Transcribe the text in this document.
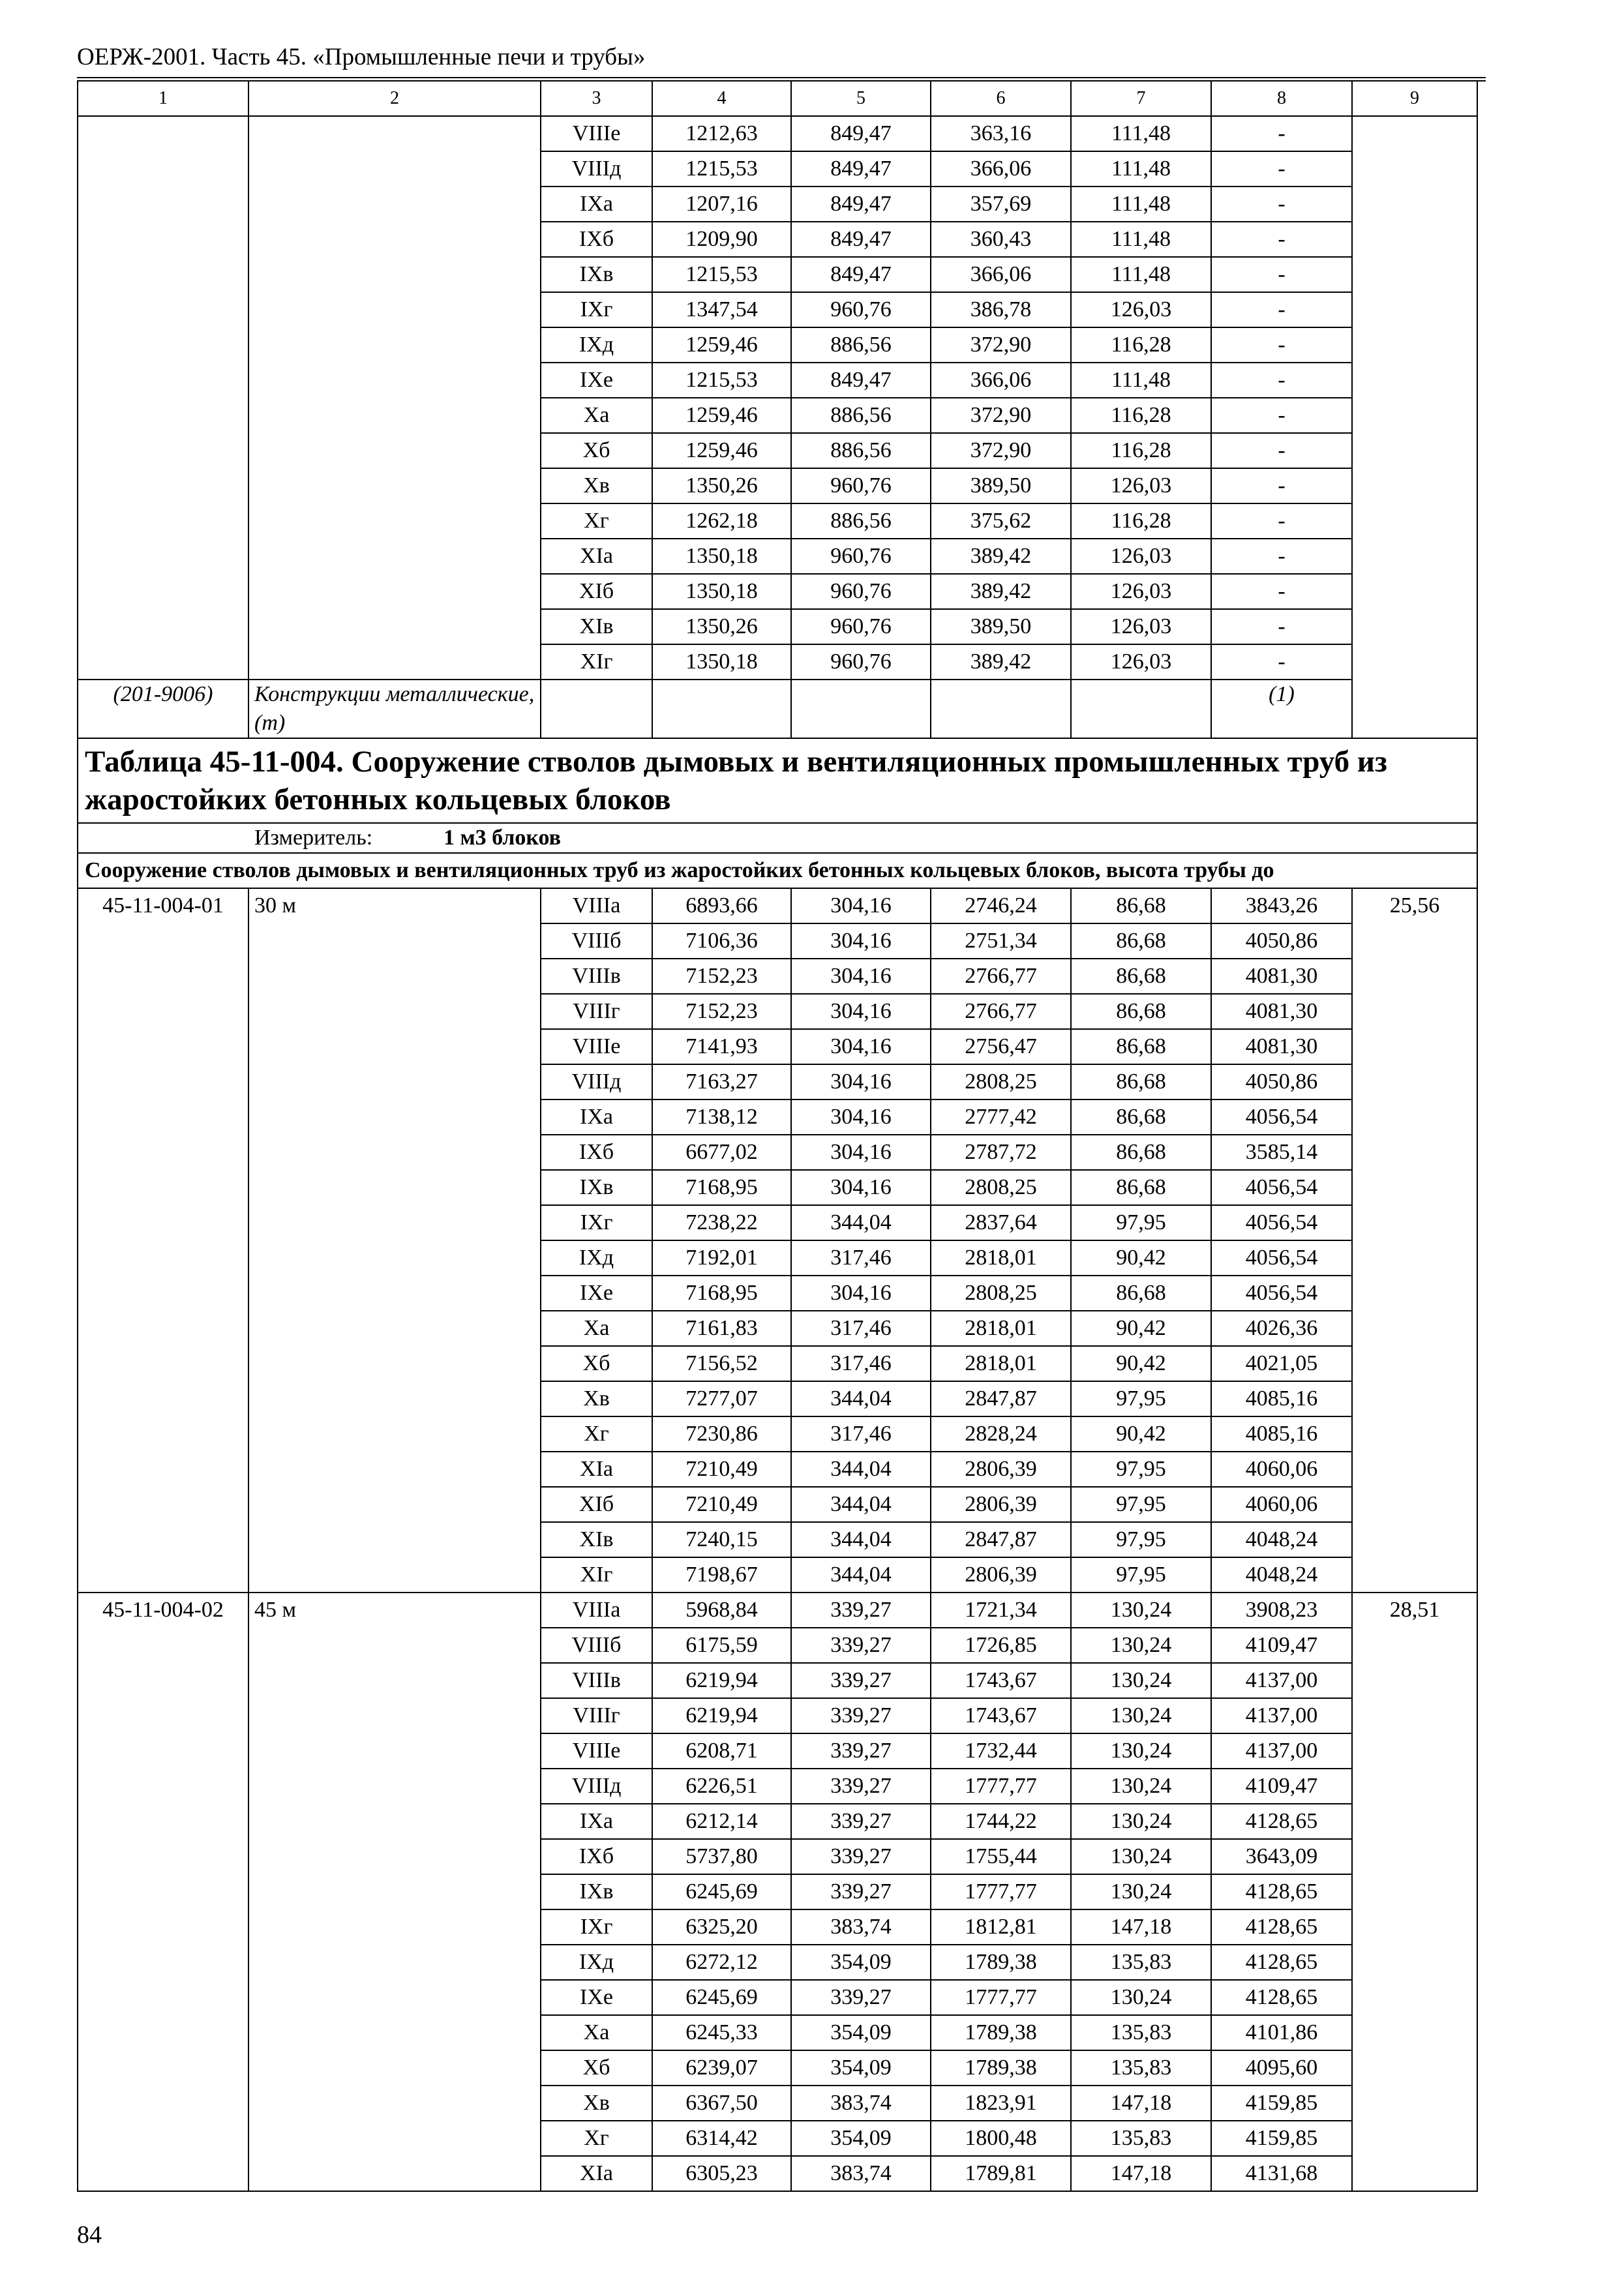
ОЕРЖ-2001. Часть 45. «Промышленные печи и трубы»
1	2	3	4	5	6	7	8	9
		VIIIe	1212,63	849,47	363,16	111,48	-	
		VIIIд	1215,53	849,47	366,06	111,48	-	
		IXa	1207,16	849,47	357,69	111,48	-	
		IXб	1209,90	849,47	360,43	111,48	-	
		IXв	1215,53	849,47	366,06	111,48	-	
		IXг	1347,54	960,76	386,78	126,03	-	
		IXд	1259,46	886,56	372,90	116,28	-	
		IXe	1215,53	849,47	366,06	111,48	-	
		Xa	1259,46	886,56	372,90	116,28	-	
		Xб	1259,46	886,56	372,90	116,28	-	
		Xв	1350,26	960,76	389,50	126,03	-	
		Xг	1262,18	886,56	375,62	116,28	-	
		XIa	1350,18	960,76	389,42	126,03	-	
		XIб	1350,18	960,76	389,42	126,03	-	
		XIв	1350,26	960,76	389,50	126,03	-	
		XIг	1350,18	960,76	389,42	126,03	-	
(201-9006)	Конструкции металлические, (т)						(1)	
Таблица 45-11-004. Сооружение стволов дымовых и вентиляционных промышленных труб из жаростойких бетонных кольцевых блоков								
Измеритель: 1 м3 блоков								
Сооружение стволов дымовых и вентиляционных труб из жаростойких бетонных кольцевых блоков, высота трубы до								
45-11-004-01	30 м	VIIIa	6893,66	304,16	2746,24	86,68	3843,26	25,56
		VIIIб	7106,36	304,16	2751,34	86,68	4050,86	
		VIIIв	7152,23	304,16	2766,77	86,68	4081,30	
		VIIIг	7152,23	304,16	2766,77	86,68	4081,30	
		VIIIe	7141,93	304,16	2756,47	86,68	4081,30	
		VIIIд	7163,27	304,16	2808,25	86,68	4050,86	
		IXa	7138,12	304,16	2777,42	86,68	4056,54	
		IXб	6677,02	304,16	2787,72	86,68	3585,14	
		IXв	7168,95	304,16	2808,25	86,68	4056,54	
		IXг	7238,22	344,04	2837,64	97,95	4056,54	
		IXд	7192,01	317,46	2818,01	90,42	4056,54	
		IXe	7168,95	304,16	2808,25	86,68	4056,54	
		Xa	7161,83	317,46	2818,01	90,42	4026,36	
		Xб	7156,52	317,46	2818,01	90,42	4021,05	
		Xв	7277,07	344,04	2847,87	97,95	4085,16	
		Xг	7230,86	317,46	2828,24	90,42	4085,16	
		XIa	7210,49	344,04	2806,39	97,95	4060,06	
		XIб	7210,49	344,04	2806,39	97,95	4060,06	
		XIв	7240,15	344,04	2847,87	97,95	4048,24	
		XIг	7198,67	344,04	2806,39	97,95	4048,24	
45-11-004-02	45 м	VIIIa	5968,84	339,27	1721,34	130,24	3908,23	28,51
		VIIIб	6175,59	339,27	1726,85	130,24	4109,47	
		VIIIв	6219,94	339,27	1743,67	130,24	4137,00	
		VIIIг	6219,94	339,27	1743,67	130,24	4137,00	
		VIIIe	6208,71	339,27	1732,44	130,24	4137,00	
		VIIIд	6226,51	339,27	1777,77	130,24	4109,47	
		IXa	6212,14	339,27	1744,22	130,24	4128,65	
		IXб	5737,80	339,27	1755,44	130,24	3643,09	
		IXв	6245,69	339,27	1777,77	130,24	4128,65	
		IXг	6325,20	383,74	1812,81	147,18	4128,65	
		IXд	6272,12	354,09	1789,38	135,83	4128,65	
		IXe	6245,69	339,27	1777,77	130,24	4128,65	
		Xa	6245,33	354,09	1789,38	135,83	4101,86	
		Xб	6239,07	354,09	1789,38	135,83	4095,60	
		Xв	6367,50	383,74	1823,91	147,18	4159,85	
		Xг	6314,42	354,09	1800,48	135,83	4159,85	
		XIa	6305,23	383,74	1789,81	147,18	4131,68	
84
